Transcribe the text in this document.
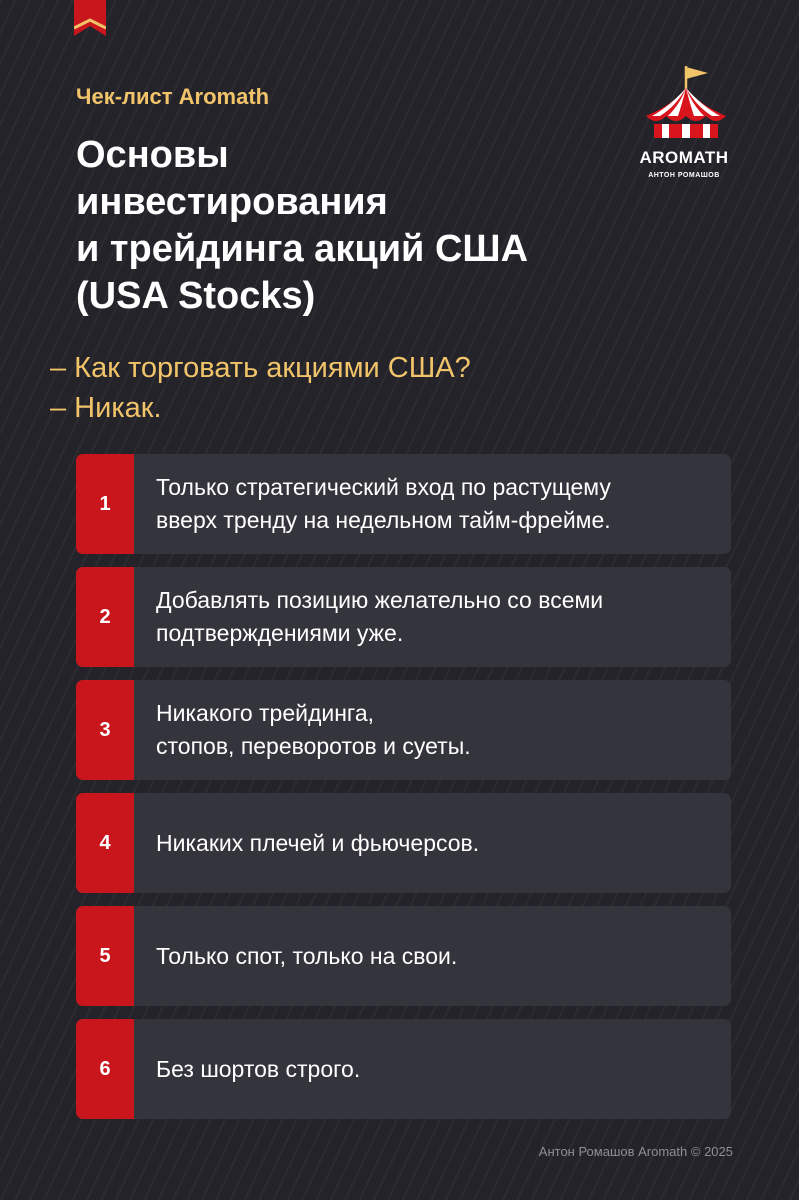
Чек-лист Aromath
Основы
инвестирования
и трейдинга акций США
(USA Stocks)
AROMATH
АНТОН РОМАШОВ
– Как торговать акциями США?
– Никак.
1
Только стратегический вход по растущему
вверх тренду на недельном тайм-фрейме.
2
Добавлять позицию желательно со всеми
подтверждениями уже.
3
Никакого трейдинга,
стопов, переворотов и суеты.
4	Никаких плечей и фьючерсов.
5	Только спот, только на свои.
6	Без шортов строго.
Антон Ромашов Aromath © 2025
